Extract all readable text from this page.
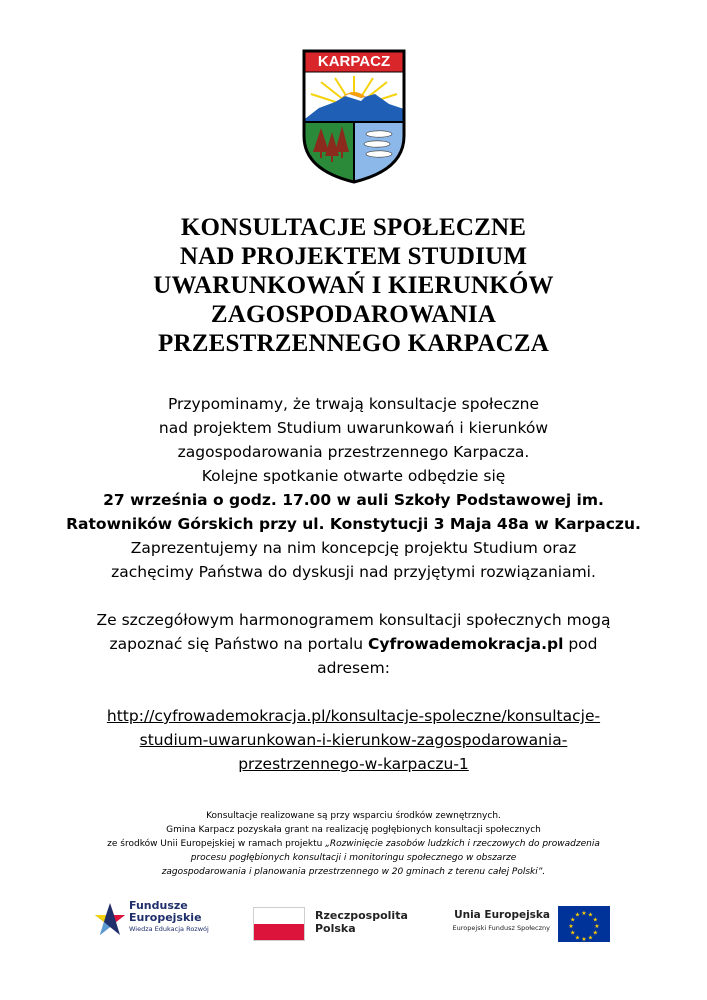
KARPACZ
KONSULTACJE SPOŁECZNE
NAD PROJEKTEM STUDIUM
UWARUNKOWAŃ I KIERUNKÓW
ZAGOSPODAROWANIA
PRZESTRZENNEGO KARPACZA
Przypominamy, że trwają konsultacje społeczne
nad projektem Studium uwarunkowań i kierunków
zagospodarowania przestrzennego Karpacza.
Kolejne spotkanie otwarte odbędzie się
27 września o godz. 17.00 w auli Szkoły Podstawowej im.
Ratowników Górskich przy ul. Konstytucji 3 Maja 48a w Karpaczu.
Zaprezentujemy na nim koncepcję projektu Studium oraz
zachęcimy Państwa do dyskusji nad przyjętymi rozwiązaniami.
Ze szczegółowym harmonogramem konsultacji społecznych mogą
zapoznać się Państwo na portalu Cyfrowademokracja.pl pod
adresem:
http://cyfrowademokracja.pl/konsultacje-spoleczne/konsultacje-
studium-uwarunkowan-i-kierunkow-zagospodarowania-
przestrzennego-w-karpaczu-1
Konsultacje realizowane są przy wsparciu środków zewnętrznych.
Gmina Karpacz pozyskała grant na realizację pogłębionych konsultacji społecznych
ze środków Unii Europejskiej w ramach projektu „Rozwinięcie zasobów ludzkich i rzeczowych do prowadzenia
procesu pogłębionych konsultacji i monitoringu społecznego w obszarze
zagospodarowania i planowania przestrzennego w 20 gminach z terenu całej Polski”.
Fundusze
Europejskie
Wiedza Edukacja Rozwój
Rzeczpospolita
Polska
Unia Europejska
Europejski Fundusz Społeczny
★ ★
★
★
★
★
★
★
★
★
★
★
